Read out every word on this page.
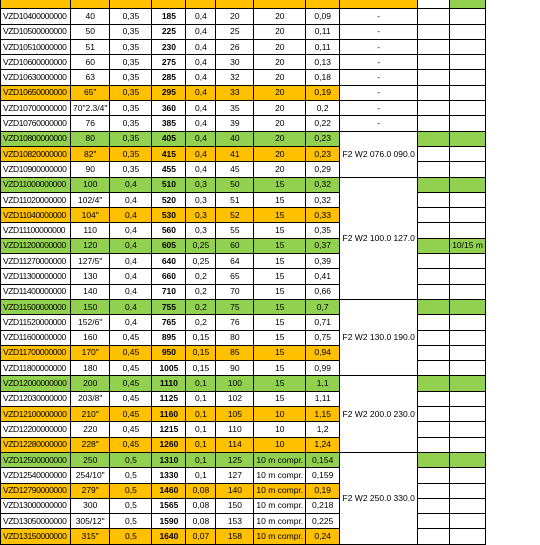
VZD10400000000	40	0,35	185	0,4	20	20	0,09	-		
VZD10500000000	50	0,35	225	0,4	25	20	0,11	-		
VZD10510000000	51	0,35	230	0,4	26	20	0,11	-		
VZD10600000000	60	0,35	275	0,4	30	20	0,13	-		
VZD10630000000	63	0,35	285	0,4	32	20	0,18	-		
VZD10650000000	65"	0,35	295	0,4	33	20	0,19	-		
VZD10700000000	70"2.3/4"	0,35	360	0,4	35	20	0,2	-		
VZD10760000000	76	0,35	385	0,4	39	20	0,22	-		
VZD10800000000	80	0,35	405	0,4	40	20	0,23	F2 W2 076.0 090.0		
VZD10820000000	82"	0,35	415	0,4	41	20	0,23			
VZD10900000000	90	0,35	455	0,4	45	20	0,29			
VZD11000000000	100	0,4	510	0,3	50	15	0,32	F2 W2 100.0 127.0		
VZD11020000000	102/4"	0,4	520	0,3	51	15	0,32			
VZD11040000000	104"	0,4	530	0,3	52	15	0,33			
VZD11100000000	110	0,4	560	0,3	55	15	0,35			
VZD11200000000	120	0,4	605	0,25	60	15	0,37			10/15 m
VZD11270000000	127/5"	0,4	640	0,25	64	15	0,39			
VZD11300000000	130	0,4	660	0,2	65	15	0,41			
VZD11400000000	140	0,4	710	0,2	70	15	0,66			
VZD11500000000	150	0,4	755	0,2	75	15	0,7	F2 W2 130.0 190.0		
VZD11520000000	152/6"	0,4	765	0,2	76	15	0,71			
VZD11600000000	160	0,45	895	0,15	80	15	0,75			
VZD11700000000	170"	0,45	950	0,15	85	15	0,94			
VZD11800000000	180	0,45	1005	0,15	90	15	0,99			
VZD12000000000	200	0,45	1110	0,1	100	15	1,1	F2 W2 200.0 230.0		
VZD12030000000	203/8"	0,45	1125	0,1	102	15	1,11			
VZD12100000000	210"	0,45	1160	0,1	105	10	1,15			
VZD12200000000	220	0,45	1215	0,1	110	10	1,2			
VZD12280000000	228"	0,45	1260	0,1	114	10	1,24			
VZD12500000000	250	0,5	1310	0,1	125	10 m compr.	0,154	F2 W2 250.0 330.0		
VZD12540000000	254/10"	0,5	1330	0,1	127	10 m compr.	0,159			
VZD12790000000	279"	0,5	1460	0,08	140	10 m compr.	0,19			
VZD13000000000	300	0,5	1565	0,08	150	10 m compr.	0,218			
VZD13050000000	305/12"	0,5	1590	0,08	153	10 m compr.	0,225			
VZD13150000000	315"	0,5	1640	0,07	158	10 m compr.	0,24			
